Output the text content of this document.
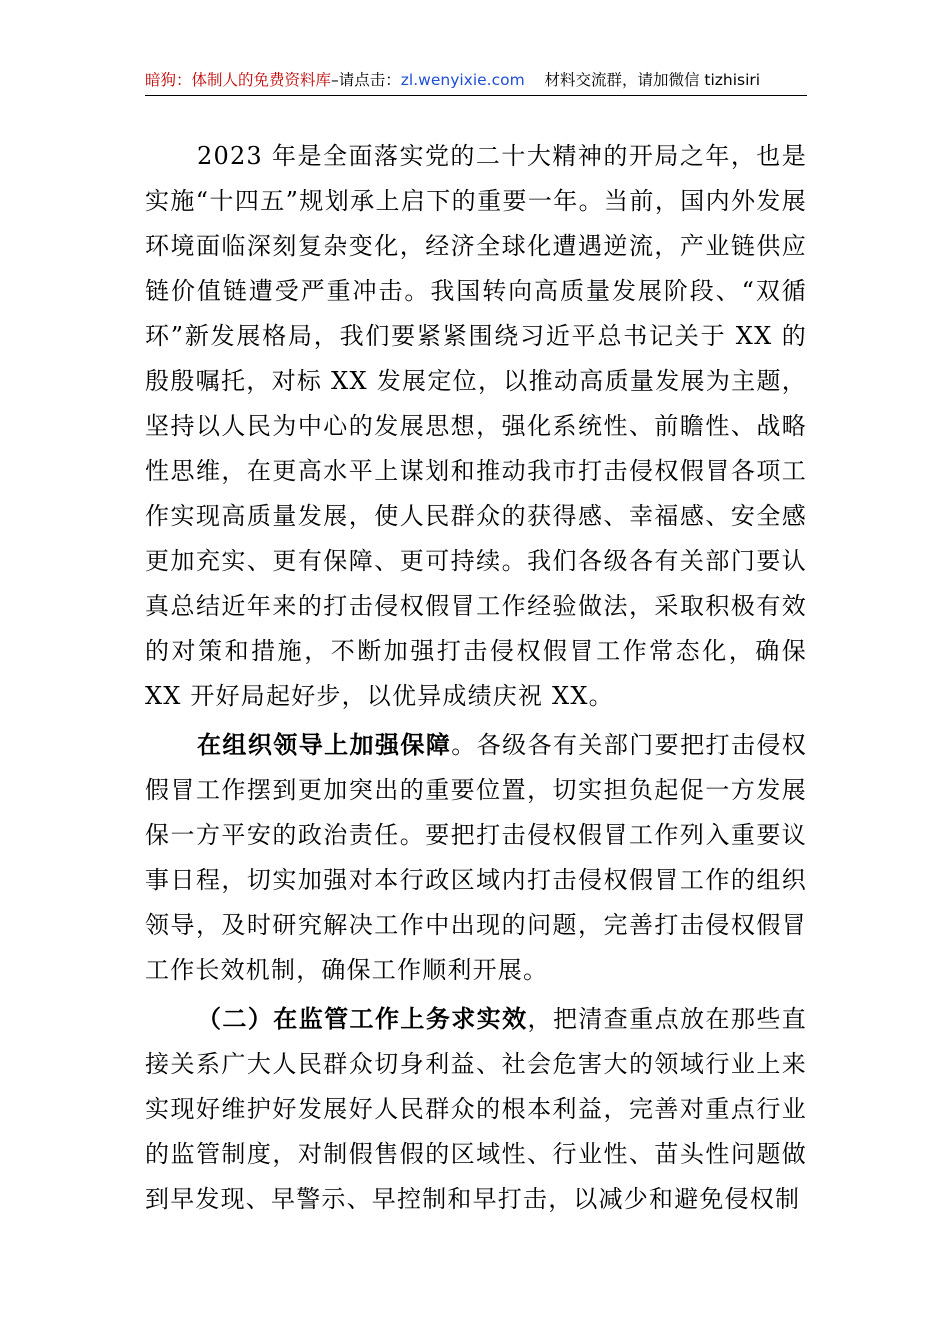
暗狗：体制人的免费资料库–请点击：zl.wenyixie.com 材料交流群，请加微信 tizhisiri

2023 年是全面落实党的二十大精神的开局之年，也是实施“十四五”规划承上启下的重要一年。当前，国内外发展环境面临深刻复杂变化，经济全球化遭遇逆流，产业链供应链价值链遭受严重冲击。我国转向高质量发展阶段、“双循环”新发展格局，我们要紧紧围绕习近平总书记关于 XX 的殷殷嘱托，对标 XX 发展定位，以推动高质量发展为主题，坚持以人民为中心的发展思想，强化系统性、前瞻性、战略性思维，在更高水平上谋划和推动我市打击侵权假冒各项工作实现高质量发展，使人民群众的获得感、幸福感、安全感更加充实、更有保障、更可持续。我们各级各有关部门要认真总结近年来的打击侵权假冒工作经验做法，采取积极有效的对策和措施，不断加强打击侵权假冒工作常态化，确保 XX 开好局起好步，以优异成绩庆祝 XX。

在组织领导上加强保障。各级各有关部门要把打击侵权假冒工作摆到更加突出的重要位置，切实担负起促一方发展保一方平安的政治责任。要把打击侵权假冒工作列入重要议事日程，切实加强对本行政区域内打击侵权假冒工作的组织领导，及时研究解决工作中出现的问题，完善打击侵权假冒工作长效机制，确保工作顺利开展。

（二）在监管工作上务求实效，把清查重点放在那些直接关系广大人民群众切身利益、社会危害大的领域行业上来实现好维护好发展好人民群众的根本利益，完善对重点行业的监管制度，对制假售假的区域性、行业性、苗头性问题做到早发现、早警示、早控制和早打击，以减少和避免侵权制
